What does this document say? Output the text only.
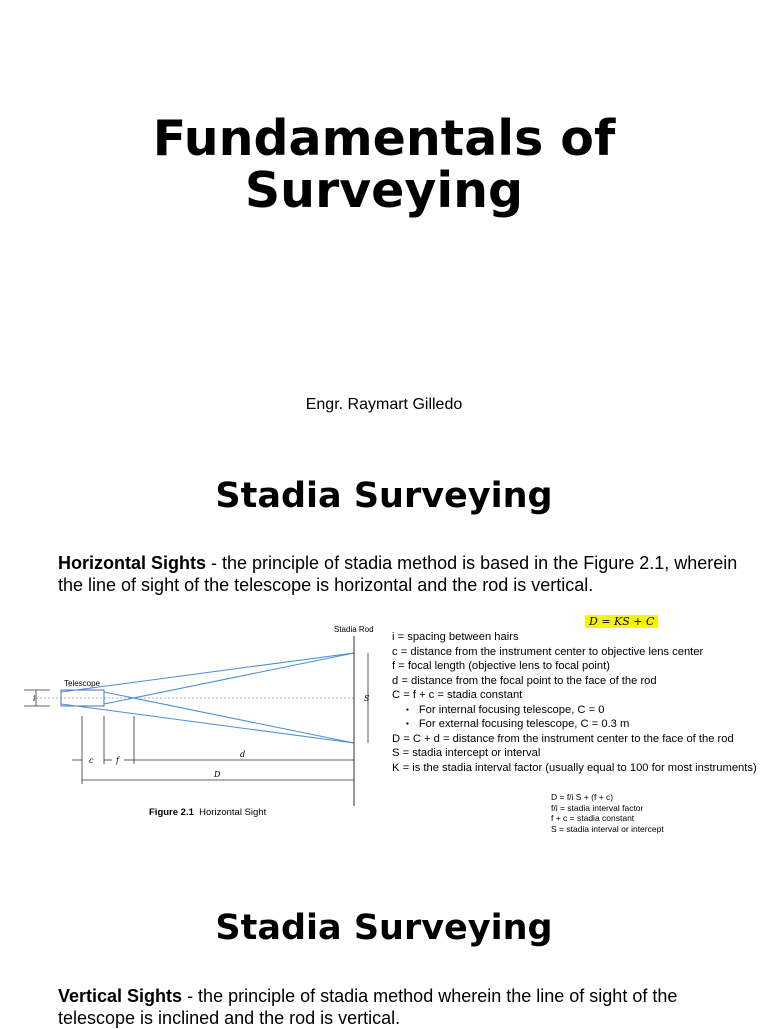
Fundamentals of
Surveying
Engr. Raymart Gilledo
Stadia Surveying
Horizontal Sights - the principle of stadia method is based in the Figure 2.1, wherein the line of sight of the telescope is horizontal and the rod is vertical.
Telescope
Stadia Rod
S
i
c	f
d
D
Figure 2.1 Horizontal Sight
D = KS + C
i = spacing between hairs
c = distance from the instrument center to objective lens center
f = focal length (objective lens to focal point)
d = distance from the focal point to the face of the rod
C = f + c = stadia constant
▪ For internal focusing telescope, C = 0
▪ For external focusing telescope, C = 0.3 m
D = C + d = distance from the instrument center to the face of the rod
S = stadia intercept or interval
K = is the stadia interval factor (usually equal to 100 for most instruments)
D = f/i S + (f + c)
f/i = stadia interval factor
f + c = stadia constant
S = stadia interval or intercept
Stadia Surveying
Vertical Sights - the principle of stadia method wherein the line of sight of the telescope is inclined and the rod is vertical.
